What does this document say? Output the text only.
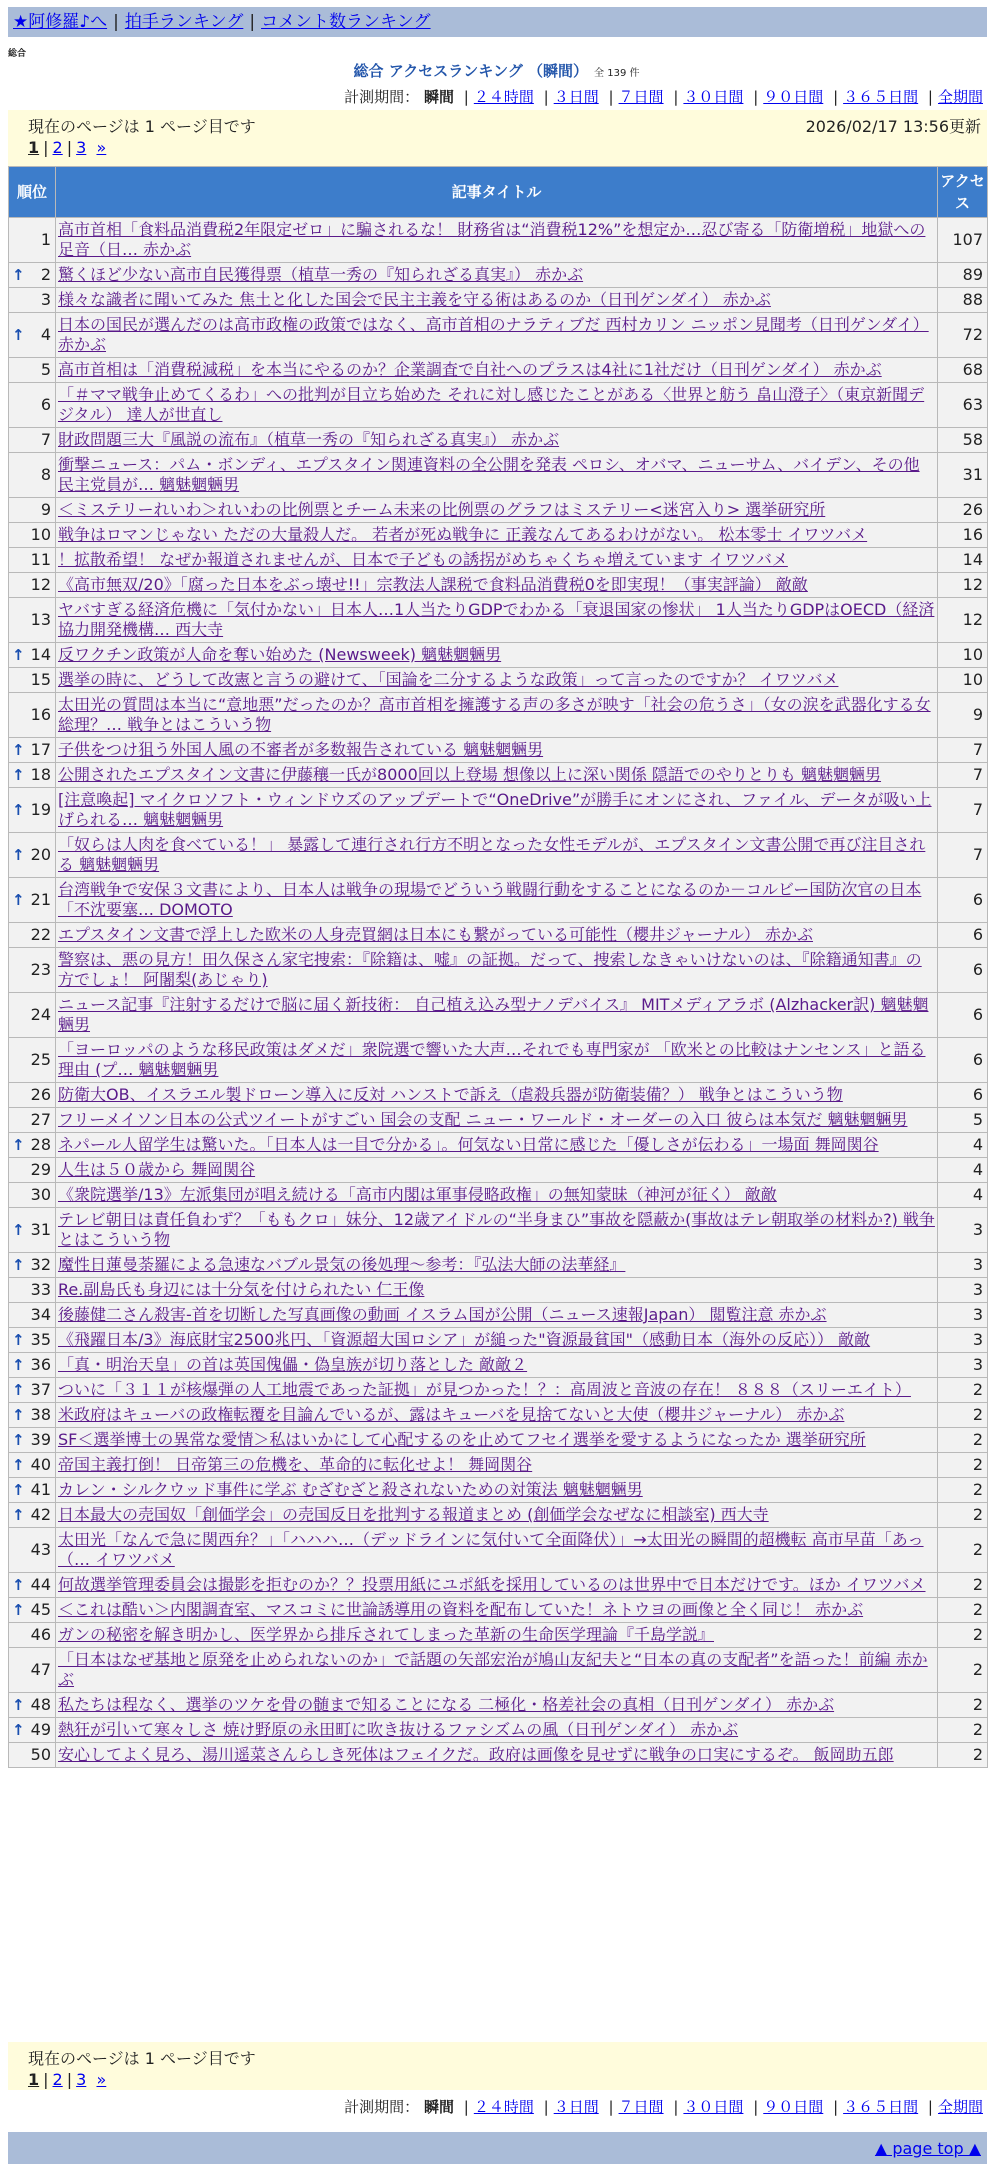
★阿修羅♪へ | 拍手ランキング | コメント数ランキング
総合
総合 アクセスランキング （瞬間） 全 139 件
計測期間： 瞬間 | ２４時間 | ３日間 | ７日間 | ３０日間 | ９０日間 | ３６５日間 | 全期間
現在のページは 1 ページ目です	2026/02/17 13:56更新
1 | 2 | 3 »
順位	記事タイトル	アクセス
1	高市首相「食料品消費税2年限定ゼロ」に騙されるな！ 財務省は“消費税12%”を想定か…忍び寄る「防衛増税」地獄への足音（日… 赤かぶ	107

↑ 2	驚くほど少ない高市自民獲得票（植草一秀の『知られざる真実』） 赤かぶ	89
3	様々な識者に聞いてみた 焦土と化した国会で民主主義を守る術はあるのか（日刊ゲンダイ） 赤かぶ	88

↑ 4	日本の国民が選んだのは高市政権の政策ではなく、高市首相のナラティブだ 西村カリン ニッポン見聞考（日刊ゲンダイ） 赤かぶ	72
5	高市首相は「消費税減税」を本当にやるのか？企業調査で自社へのプラスは4社に1社だけ（日刊ゲンダイ） 赤かぶ	68
6	「＃ママ戦争止めてくるわ」への批判が目立ち始めた それに対し感じたことがある〈世界と舫う 畠山澄子〉（東京新聞デジタル） 達人が世直し	63
7	財政問題三大『風説の流布』（植草一秀の『知られざる真実』） 赤かぶ	58
8	衝撃ニュース：パム・ボンディ、エプスタイン関連資料の全公開を発表 ペロシ、オバマ、ニューサム、バイデン、その他民主党員が… 魑魅魍魎男	31
9	＜ミステリーれいわ＞れいわの比例票とチーム未来の比例票のグラフはミステリー<迷宮入り> 選挙研究所	26
10	戦争はロマンじゃない ただの大量殺人だ。 若者が死ぬ戦争に 正義なんてあるわけがない。 松本零士 イワツバメ	16
11	！拡散希望！ なぜか報道されませんが、日本で子どもの誘拐がめちゃくちゃ増えています イワツバメ	14
12	《高市無双/20》「腐った日本をぶっ壊せ!!」宗教法人課税で食料品消費税0を即実現！（事実評論） 敵敵	12
13	ヤバすぎる経済危機に「気付かない」日本人…1人当たりGDPでわかる「衰退国家の惨状」 1人当たりGDPはOECD（経済協力開発機構… 西大寺	12

↑ 14	反ワクチン政策が人命を奪い始めた (Newsweek) 魑魅魍魎男	10
15	選挙の時に、どうして改憲と言うの避けて、「国論を二分するような政策」って言ったのですか？ イワツバメ	10
16	太田光の質問は本当に“意地悪”だったのか？高市首相を擁護する声の多さが映す「社会の危うさ」（女の涙を武器化する女総理？… 戦争とはこういう物	9

↑ 17	子供をつけ狙う外国人風の不審者が多数報告されている 魑魅魍魎男	7

↑ 18	公開されたエプスタイン文書に伊藤穰一氏が8000回以上登場 想像以上に深い関係 隠語でのやりとりも 魑魅魍魎男	7

↑ 19	[注意喚起] マイクロソフト・ウィンドウズのアップデートで“OneDrive”が勝手にオンにされ、ファイル、データが吸い上げられる… 魑魅魍魎男	7

↑ 20	「奴らは人肉を食べている！」 暴露して連行され行方不明となった女性モデルが、エプスタイン文書公開で再び注目される 魑魅魍魎男	7

↑ 21	台湾戦争で安保３文書により、日本人は戦争の現場でどういう戦闘行動をすることになるのか－コルビー国防次官の日本「不沈要塞… DOMOTO	6
22	エプスタイン文書で浮上した欧米の人身売買網は日本にも繋がっている可能性（櫻井ジャーナル） 赤かぶ	6
23	警察は、悪の見方！田久保さん家宅捜索：『除籍は、嘘』の証拠。だって、捜索しなきゃいけないのは、『除籍通知書』の方でしょ！ 阿闍梨(あじゃり)	6
24	ニュース記事『注射するだけで脳に届く新技術： 自己植え込み型ナノデバイス』 MITメディアラボ (Alzhacker訳) 魑魅魍魎男	6
25	「ヨーロッパのような移民政策はダメだ」衆院選で響いた大声…それでも専門家が 「欧米との比較はナンセンス」と語る理由 (プ… 魑魅魍魎男	6
26	防衛大OB、イスラエル製ドローン導入に反対 ハンストで訴え（虐殺兵器が防衛装備？） 戦争とはこういう物	6
27	フリーメイソン日本の公式ツイートがすごい 国会の支配 ニュー・ワールド・オーダーの入口 彼らは本気だ 魑魅魍魎男	5

↑ 28	ネパール人留学生は驚いた。「日本人は一目で分かる」。何気ない日常に感じた「優しさが伝わる」一場面 舞岡関谷	4
29	人生は５０歳から 舞岡関谷	4
30	《衆院選挙/13》左派集団が唱え続ける「高市内閣は軍事侵略政権」の無知蒙昧（神河が征く） 敵敵	4

↑ 31	テレビ朝日は責任負わず？「ももクロ」妹分、12歳アイドルの“半身まひ”事故を隠蔽か(事故はテレ朝取挙の材料か?) 戦争とはこういう物	3

↑ 32	魔性日蓮曼荼羅による急速なバブル景気の後処理～参考：『弘法大師の法華経』	3
33	Re.副島氏も身辺には十分気を付けられたい 仁王像	3
34	後藤健二さん殺害-首を切断した写真画像の動画 イスラム国が公開（ニュース速報Japan） 閲覧注意 赤かぶ	3

↑ 35	《飛躍日本/3》海底財宝2500兆円、「資源超大国ロシア」が縋った"資源最貧国"（感動日本（海外の反応）） 敵敵	3

↑ 36	「真・明治天皇」の首は英国傀儡・偽皇族が切り落とした 敵敵２	3

↑ 37	ついに「３１１が核爆弾の人工地震であった証拠」が見つかった！？：高周波と音波の存在！ ８８８（スリーエイト）	2

↑ 38	米政府はキューバの政権転覆を目論んでいるが、露はキューバを見捨てないと大使（櫻井ジャーナル） 赤かぶ	2

↑ 39	SF＜選挙博士の異常な愛情＞私はいかにして心配するのを止めてフセイ選挙を愛するようになったか 選挙研究所	2

↑ 40	帝国主義打倒！ 日帝第三の危機を、革命的に転化せよ！ 舞岡関谷	2

↑ 41	カレン・シルクウッド事件に学ぶ むざむざと殺されないための対策法 魑魅魍魎男	2

↑ 42	日本最大の売国奴「創価学会」の売国反日を批判する報道まとめ (創価学会なぜなに相談室) 西大寺	2
43	太田光「なんで急に関西弁？」「ハハハ…（デッドラインに気付いて全面降伏）」→太田光の瞬間的超機転 高市早苗「あっ（… イワツバメ	2

↑ 44	何故選挙管理委員会は撮影を拒むのか？？投票用紙にユポ紙を採用しているのは世界中で日本だけです。ほか イワツバメ	2

↑ 45	＜これは酷い＞内閣調査室、マスコミに世論誘導用の資料を配布していた！ネトウヨの画像と全く同じ！ 赤かぶ	2
46	ガンの秘密を解き明かし、医学界から排斥されてしまった革新の生命医学理論『千島学説』	2
47	「日本はなぜ基地と原発を止められないのか」で話題の矢部宏治が鳩山友紀夫と“日本の真の支配者”を語った！前編 赤かぶ	2

↑ 48	私たちは程なく、選挙のツケを骨の髄まで知ることになる 二極化・格差社会の真相（日刊ゲンダイ） 赤かぶ	2

↑ 49	熱狂が引いて寒々しさ 焼け野原の永田町に吹き抜けるファシズムの風（日刊ゲンダイ） 赤かぶ	2
50	安心してよく見ろ、湯川遥菜さんらしき死体はフェイクだ。政府は画像を見せずに戦争の口実にするぞ。 飯岡助五郎	2
現在のページは 1 ページ目です
1 | 2 | 3 »
計測期間： 瞬間 | ２４時間 | ３日間 | ７日間 | ３０日間 | ９０日間 | ３６５日間 | 全期間
▲ page top ▲
